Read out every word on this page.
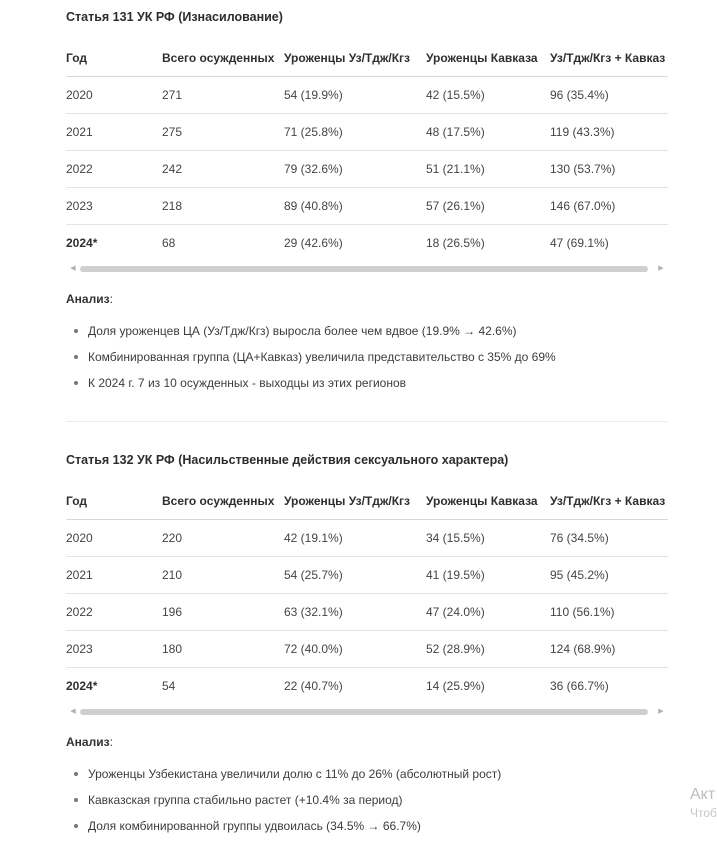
Статья 131 УК РФ (Изнасилование)
Год	Всего осужденных	Уроженцы Уз/Тдж/Кгз	Уроженцы Кавказа	Уз/Тдж/Кгз + Кавказ
2020	271	54 (19.9%)	42 (15.5%)	96 (35.4%)
2021	275	71 (25.8%)	48 (17.5%)	119 (43.3%)
2022	242	79 (32.6%)	51 (21.1%)	130 (53.7%)
2023	218	89 (40.8%)	57 (26.1%)	146 (67.0%)
2024*	68	29 (42.6%)	18 (26.5%)	47 (69.1%)
◀	▶
Анализ:
Доля уроженцев ЦА (Уз/Тдж/Кгз) выросла более чем вдвое (19.9% → 42.6%)
Комбинированная группа (ЦА+Кавказ) увеличила представительство с 35% до 69%
К 2024 г. 7 из 10 осужденных - выходцы из этих регионов
Статья 132 УК РФ (Насильственные действия сексуального характера)
Год	Всего осужденных	Уроженцы Уз/Тдж/Кгз	Уроженцы Кавказа	Уз/Тдж/Кгз + Кавказ
2020	220	42 (19.1%)	34 (15.5%)	76 (34.5%)
2021	210	54 (25.7%)	41 (19.5%)	95 (45.2%)
2022	196	63 (32.1%)	47 (24.0%)	110 (56.1%)
2023	180	72 (40.0%)	52 (28.9%)	124 (68.9%)
2024*	54	22 (40.7%)	14 (25.9%)	36 (66.7%)
◀	▶
Анализ:
Уроженцы Узбекистана увеличили долю с 11% до 26% (абсолютный рост)
Кавказская группа стабильно растет (+10.4% за период)
Доля комбинированной группы удвоилась (34.5% → 66.7%)
Акт
Чтоб
